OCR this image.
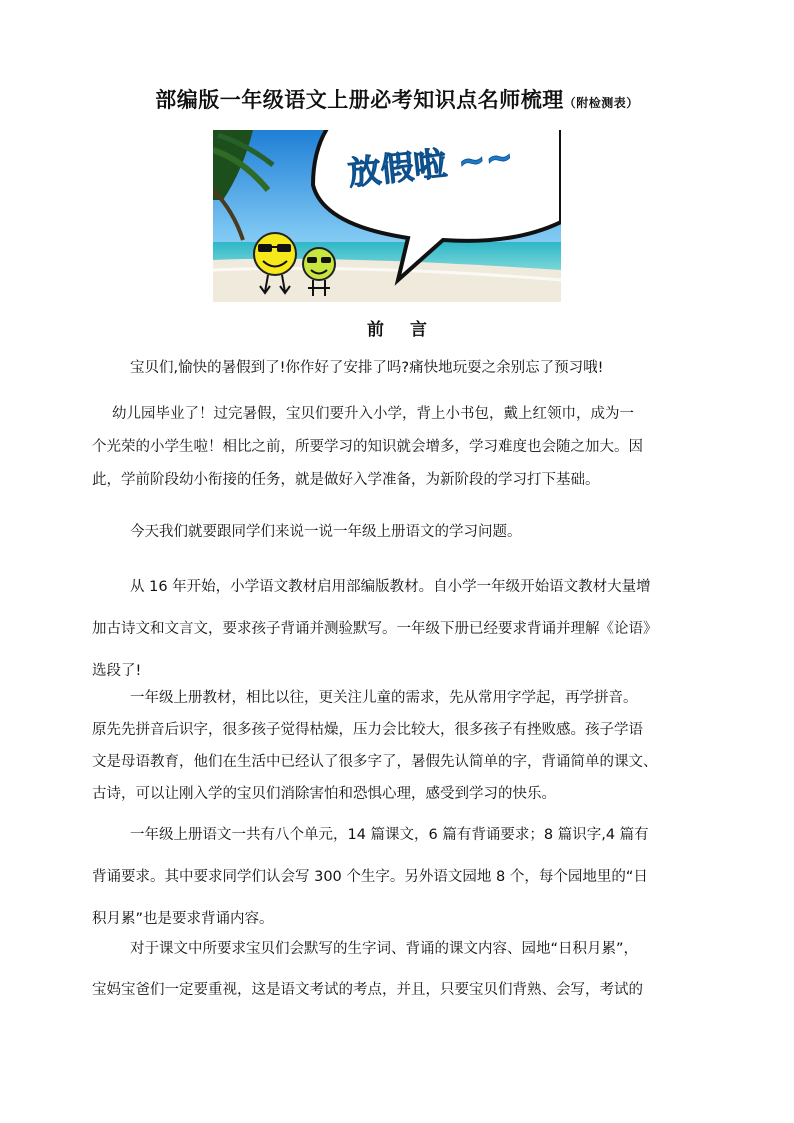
部编版一年级语文上册必考知识点名师梳理（附检测表）
放假啦 ~~
前言
宝贝们,愉快的暑假到了!你作好了安排了吗?痛快地玩耍之余别忘了预习哦!
幼儿园毕业了！过完暑假，宝贝们要升入小学，背上小书包，戴上红领巾，成为一
个光荣的小学生啦！相比之前，所要学习的知识就会增多，学习难度也会随之加大。因
此，学前阶段幼小衔接的任务，就是做好入学准备，为新阶段的学习打下基础。
今天我们就要跟同学们来说一说一年级上册语文的学习问题。
从 16 年开始，小学语文教材启用部编版教材。自小学一年级开始语文教材大量增
加古诗文和文言文，要求孩子背诵并测验默写。一年级下册已经要求背诵并理解《论语》
选段了!
一年级上册教材，相比以往，更关注儿童的需求，先从常用字学起，再学拼音。
原先先拼音后识字，很多孩子觉得枯燥，压力会比较大，很多孩子有挫败感。孩子学语
文是母语教育，他们在生活中已经认了很多字了，暑假先认简单的字，背诵简单的课文、
古诗，可以让刚入学的宝贝们消除害怕和恐惧心理，感受到学习的快乐。
一年级上册语文一共有八个单元，14 篇课文，6 篇有背诵要求；8 篇识字,4 篇有
背诵要求。其中要求同学们认会写 300 个生字。另外语文园地 8 个，每个园地里的“日
积月累”也是要求背诵内容。
对于课文中所要求宝贝们会默写的生字词、背诵的课文内容、园地“日积月累”，
宝妈宝爸们一定要重视，这是语文考试的考点，并且，只要宝贝们背熟、会写，考试的
